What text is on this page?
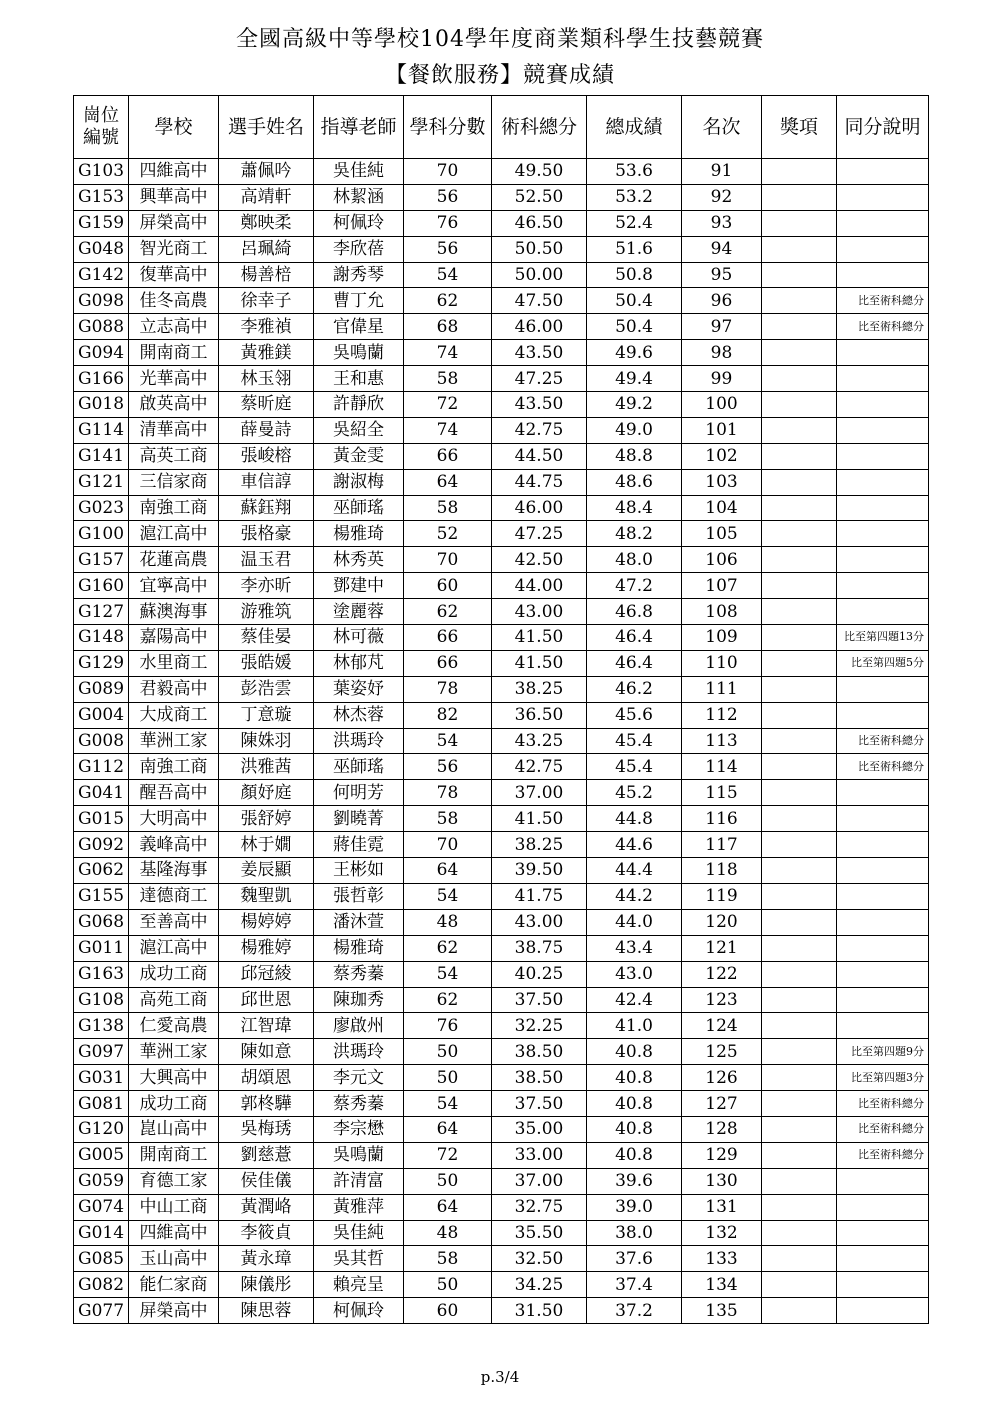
全國高級中等學校104學年度商業類科學生技藝競賽
【餐飲服務】競賽成績
崗位
編號	學校	選手姓名	指導老師	學科分數	術科總分	總成績	名次	獎項	同分說明
G103	四維高中	蕭佩吟	吳佳純	70	49.50	53.6	91		
G153	興華高中	高靖軒	林絜涵	56	52.50	53.2	92		
G159	屏榮高中	鄭映柔	柯佩玲	76	46.50	52.4	93		
G048	智光商工	呂珮綺	李欣蓓	56	50.50	51.6	94		
G142	復華高中	楊善棓	謝秀琴	54	50.00	50.8	95		
G098	佳冬高農	徐幸子	曹丁允	62	47.50	50.4	96		比至術科總分
G088	立志高中	李雅禎	官偉星	68	46.00	50.4	97		比至術科總分
G094	開南商工	黃雅鎂	吳鳴蘭	74	43.50	49.6	98		
G166	光華高中	林玉翎	王和惠	58	47.25	49.4	99		
G018	啟英高中	蔡昕庭	許靜欣	72	43.50	49.2	100		
G114	清華高中	薛曼詩	吳紹全	74	42.75	49.0	101		
G141	高英工商	張峻榕	黃金雯	66	44.50	48.8	102		
G121	三信家商	車信諄	謝淑梅	64	44.75	48.6	103		
G023	南強工商	蘇鈺翔	巫師瑤	58	46.00	48.4	104		
G100	滬江高中	張格豪	楊雅琦	52	47.25	48.2	105		
G157	花蓮高農	温玉君	林秀英	70	42.50	48.0	106		
G160	宜寧高中	李亦昕	鄧建中	60	44.00	47.2	107		
G127	蘇澳海事	游雅筑	塗麗蓉	62	43.00	46.8	108		
G148	嘉陽高中	蔡佳晏	林可薇	66	41.50	46.4	109		比至第四題13分
G129	水里商工	張皓媛	林郁芃	66	41.50	46.4	110		比至第四題5分
G089	君毅高中	彭浩雲	葉姿妤	78	38.25	46.2	111		
G004	大成商工	丁意璇	林杰蓉	82	36.50	45.6	112		
G008	華洲工家	陳姝羽	洪瑪玲	54	43.25	45.4	113		比至術科總分
G112	南強工商	洪雅茜	巫師瑤	56	42.75	45.4	114		比至術科總分
G041	醒吾高中	顏妤庭	何明芳	78	37.00	45.2	115		
G015	大明高中	張舒婷	劉曉菁	58	41.50	44.8	116		
G092	義峰高中	林于嫺	蔣佳霓	70	38.25	44.6	117		
G062	基隆海事	姜辰顯	王彬如	64	39.50	44.4	118		
G155	達德商工	魏聖凱	張哲彰	54	41.75	44.2	119		
G068	至善高中	楊婷婷	潘沐萱	48	43.00	44.0	120		
G011	滬江高中	楊雅婷	楊雅琦	62	38.75	43.4	121		
G163	成功工商	邱冠綾	蔡秀蓁	54	40.25	43.0	122		
G108	高苑工商	邱世恩	陳珈秀	62	37.50	42.4	123		
G138	仁愛高農	江智瑋	廖啟州	76	32.25	41.0	124		
G097	華洲工家	陳如意	洪瑪玲	50	38.50	40.8	125		比至第四題9分
G031	大興高中	胡頌恩	李元文	50	38.50	40.8	126		比至第四題3分
G081	成功工商	郭柊驊	蔡秀蓁	54	37.50	40.8	127		比至術科總分
G120	崑山高中	吳梅琇	李宗懋	64	35.00	40.8	128		比至術科總分
G005	開南商工	劉慈薏	吳鳴蘭	72	33.00	40.8	129		比至術科總分
G059	育德工家	侯佳儀	許清富	50	37.00	39.6	130		
G074	中山工商	黃潤峈	黃雅萍	64	32.75	39.0	131		
G014	四維高中	李筱貞	吳佳純	48	35.50	38.0	132		
G085	玉山高中	黃永璋	吳其哲	58	32.50	37.6	133		
G082	能仁家商	陳儀彤	賴亮呈	50	34.25	37.4	134		
G077	屏榮高中	陳思蓉	柯佩玲	60	31.50	37.2	135		
p.3/4
